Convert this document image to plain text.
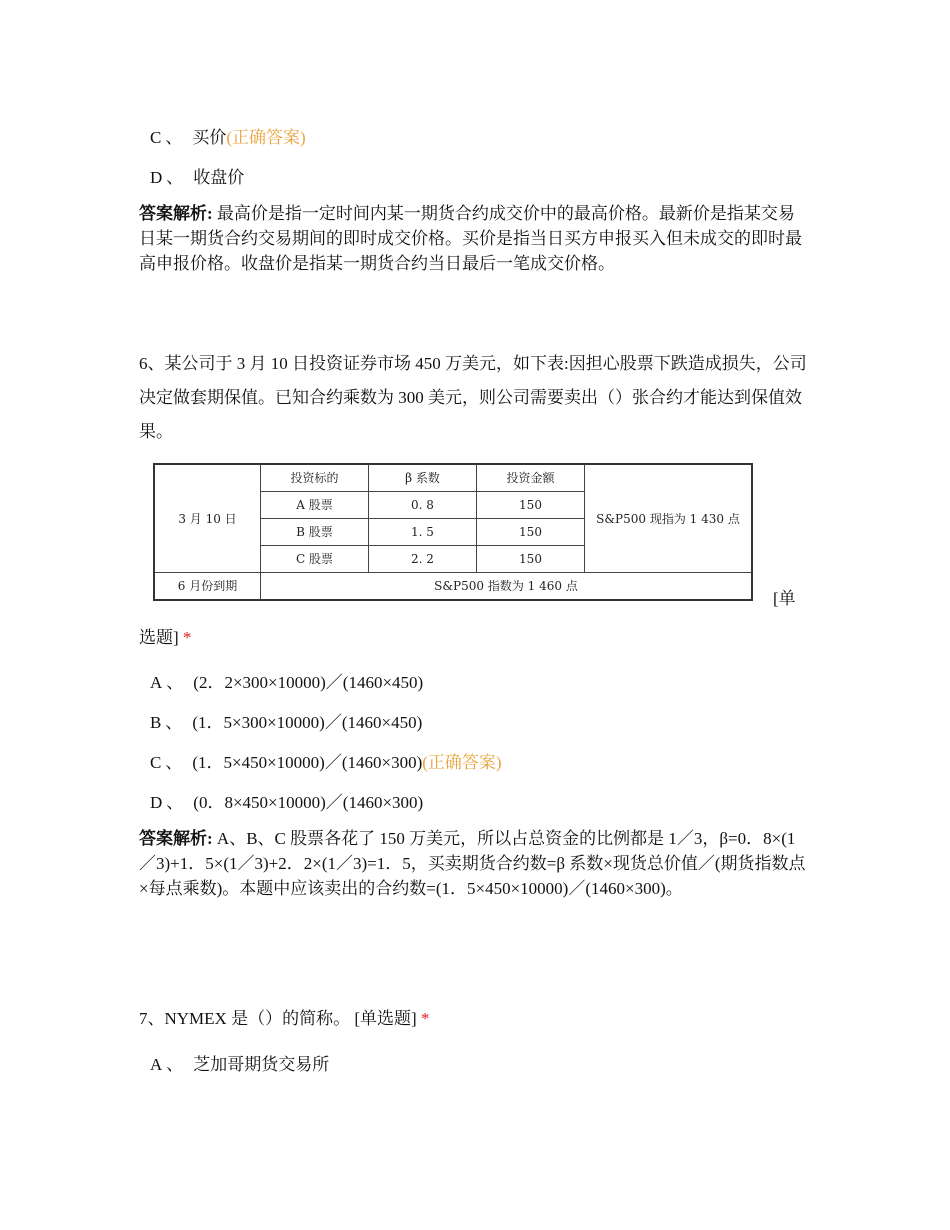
C 、 买价(正确答案)
D 、 收盘价
答案解析: 最高价是指一定时间内某一期货合约成交价中的最高价格。最新价是指某交易日某一期货合约交易期间的即时成交价格。买价是指当日买方申报买入但未成交的即时最高申报价格。收盘价是指某一期货合约当日最后一笔成交价格。
6、某公司于 3 月 10 日投资证券市场 450 万美元，如下表:因担心股票下跌造成损失，公司决定做套期保值。已知合约乘数为 300 美元，则公司需要卖出（）张合约才能达到保值效果。
3 月 10 日	投资标的	β 系数	投资金额	S&P500 现指为 1 430 点
	A 股票	0. 8	150	
	B 股票	1. 5	150	
	C 股票	2. 2	150	
6 月份到期	S&P500 指数为 1 460 点			
[单
选题] *
A 、 (2．2×300×10000)／(1460×450)
B 、 (1．5×300×10000)／(1460×450)
C 、 (1．5×450×10000)／(1460×300)(正确答案)
D 、 (0．8×450×10000)／(1460×300)
答案解析: A、B、C 股票各花了 150 万美元，所以占总资金的比例都是 1／3，β=0．8×(1／3)+1．5×(1／3)+2．2×(1／3)=1．5，买卖期货合约数=β 系数×现货总价值／(期货指数点×每点乘数)。本题中应该卖出的合约数=(1．5×450×10000)／(1460×300)。
7、NYMEX 是（）的简称。 [单选题] *
A 、 芝加哥期货交易所
